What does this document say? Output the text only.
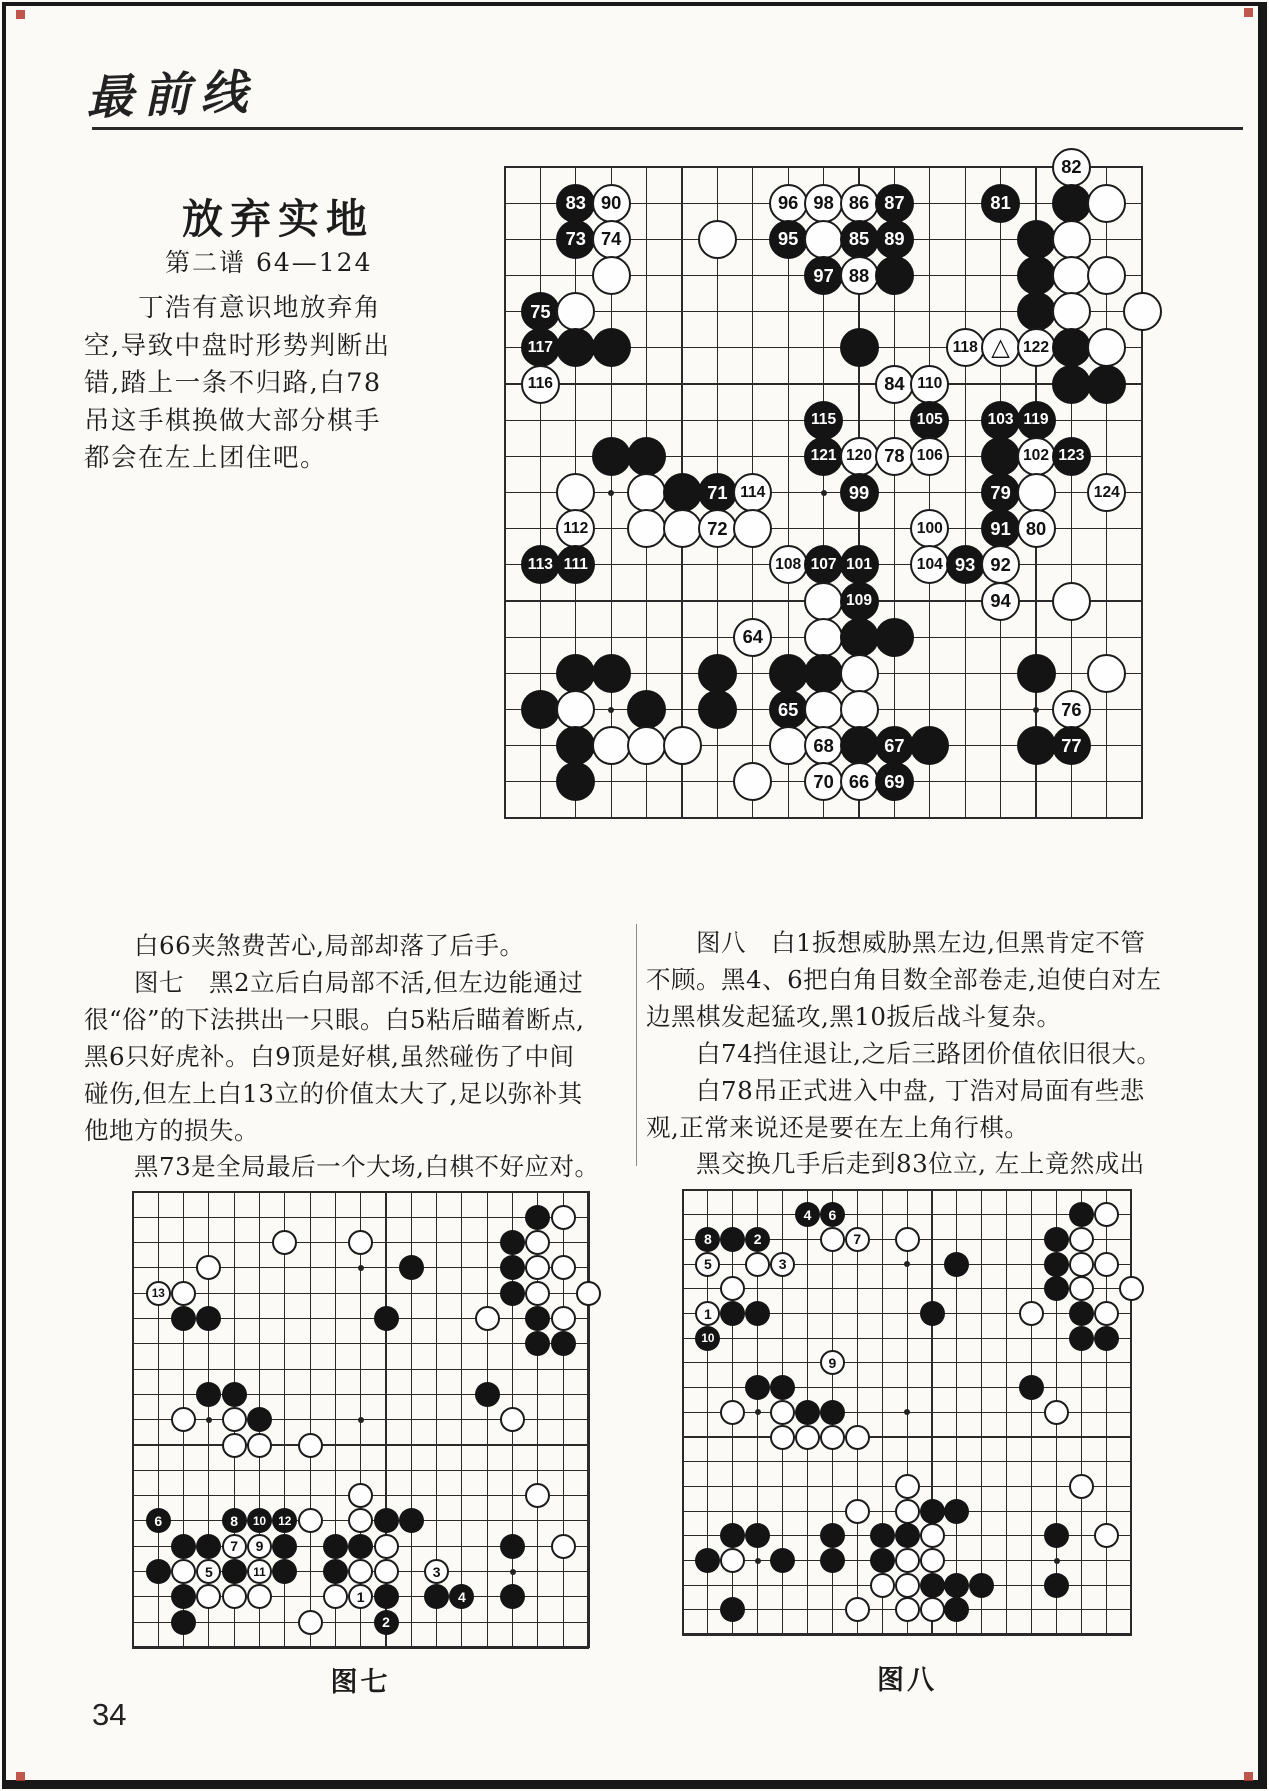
最前线
放弃实地
第二谱 64—124
　　丁浩有意识地放弃角
空,导致中盘时形势判断出
错,踏上一条不归路,白78
吊这手棋换做大部分棋手
都会在左上团住吧。
82
83 90	96 98 86 87	81
73 74	95	85 89
97 88
75
117	118 △ 122
116	84 110
115	105	103 119
121 120 78 106	102 123
71 114	99	79	124
112	72	100	91 80
113 111	108 107 101	104 93 92
109	94
64
65	76
68	67	77
70 66 69
　　白66夹煞费苦心,局部却落了后手。
　　图七　黑2立后白局部不活,但左边能通过
很“俗”的下法拱出一只眼。白5粘后瞄着断点,
黑6只好虎补。白9顶是好棋,虽然碰伤了中间
碰伤,但左上白13立的价值太大了,足以弥补其
他地方的损失。
　　黑73是全局最后一个大场,白棋不好应对。
　　图八　白1扳想威胁黑左边,但黑肯定不管
不顾。黑4、6把白角目数全部卷走,迫使白对左
边黑棋发起猛攻,黑10扳后战斗复杂。
　　白74挡住退让,之后三路团价值依旧很大。
　　白78吊正式进入中盘, 丁浩对局面有些悲
观,正常来说还是要在左上角行棋。
　　黑交换几手后走到83位立, 左上竟然成出
13
6	8	10	12
7	9
5	11	3
1	4
2
4	6
8	2	7
5	3
1
10
9
图七	图八
34
